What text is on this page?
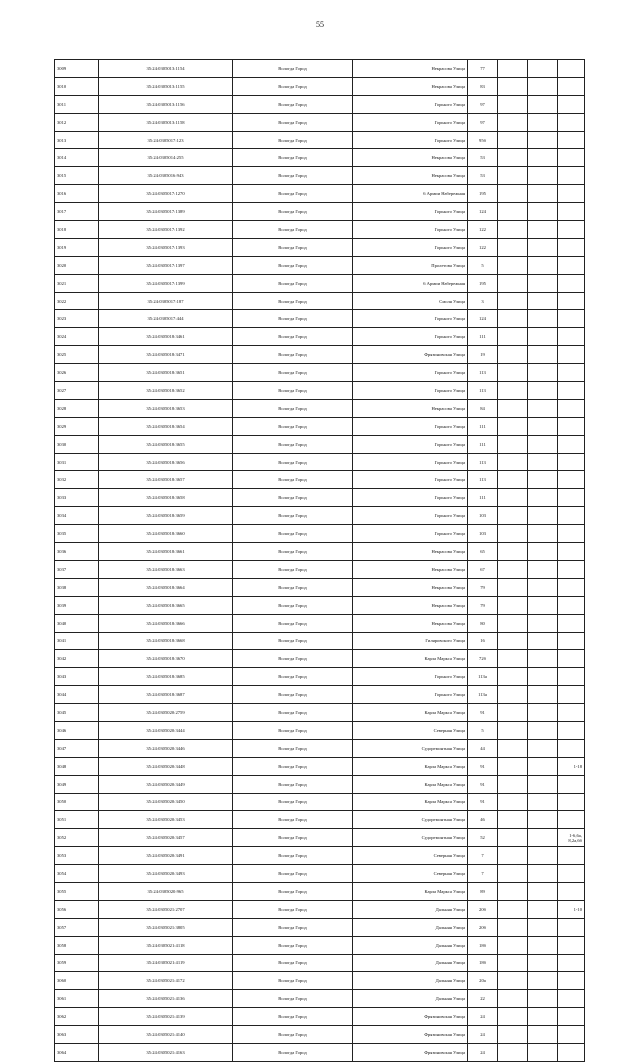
55
3009	35:24:0305013:1154	Вологда Город	Некрасова Улица	77			
3010	35:24:0305013:1155	Вологда Город	Некрасова Улица	83			
3011	35:24:0305013:1156	Вологда Город	Горького Улица	97			
3012	35:24:0305013:1158	Вологда Город	Горького Улица	97			
3013	35:24:0305017:123	Вологда Город	Горького Улица	95б			
3014	35:24:0305014:255	Вологда Город	Некрасова Улица	53			
3015	35:24:0305016:943	Вологда Город	Некрасова Улица	53			
3016	35:24:0305017:1270	Вологда Город	6 Армии Набережная	195			
3017	35:24:0305017:1389	Вологда Город	Горького Улица	124			
3018	35:24:0305017:1392	Вологда Город	Горького Улица	122			
3019	35:24:0305017:1393	Вологда Город	Горького Улица	122			
3020	35:24:0305017:1397	Вологда Город	Пролетова Улица	5			
3021	35:24:0305017:1399	Вологда Город	6 Армии Набережная	195			
3022	35:24:0305017:187	Вологда Город	Смоля Улица	3			
3023	35:24:0305017:444	Вологда Город	Горького Улица	124			
3024	35:24:0305018:3461	Вологда Город	Горького Улица	111			
3025	35:24:0305018:3471	Вологда Город	Фрязиновская Улица	19			
3026	35:24:0305018:3651	Вологда Город	Горького Улица	113			
3027	35:24:0305018:3652	Вологда Город	Горького Улица	113			
3028	35:24:0305018:3653	Вологда Город	Некрасова Улица	84			
3029	35:24:0305018:3654	Вологда Город	Горького Улица	111			
3030	35:24:0305018:3655	Вологда Город	Горького Улица	111			
3031	35:24:0305018:3656	Вологда Город	Горького Улица	113			
3032	35:24:0305018:3657	Вологда Город	Горького Улица	113			
3033	35:24:0305018:3658	Вологда Город	Горького Улица	111			
3034	35:24:0305018:3659	Вологда Город	Горького Улица	103			
3035	35:24:0305018:3660	Вологда Город	Горького Улица	103			
3036	35:24:0305018:3661	Вологда Город	Некрасова Улица	65			
3037	35:24:0305018:3663	Вологда Город	Некрасова Улица	67			
3038	35:24:0305018:3664	Вологда Город	Некрасова Улица	79			
3039	35:24:0305018:3665	Вологда Город	Некрасова Улица	79			
3040	35:24:0305018:3666	Вологда Город	Некрасова Улица	80			
3041	35:24:0305018:3668	Вологда Город	Гиляровского Улица	16			
3042	35:24:0305018:3670	Вологда Город	Карла Маркса Улица	72б			
3043	35:24:0305018:3685	Вологда Город	Горького Улица	113а			
3044	35:24:0305018:3687	Вологда Город	Горького Улица	113а			
3045	35:24:0305020:2759	Вологда Город	Карла Маркса Улица	91			
3046	35:24:0305020:3444	Вологда Город	Северная Улица	5			
3047	35:24:0305020:3446	Вологда Город	Судоремонтная Улица	44			
3048	35:24:0305020:3448	Вологда Город	Карла Маркса Улица	91			1-18
3049	35:24:0305020:3449	Вологда Город	Карла Маркса Улица	91			
3050	35:24:0305020:3450	Вологда Город	Карла Маркса Улица	91			
3051	35:24:0305020:3453	Вологда Город	Судоремонтная Улица	46			
3052	35:24:0305020:3457	Вологда Город	Судоремонтная Улица	52			1-6,6а,
8,2а,6б
3053	35:24:0305020:3491	Вологда Город	Северная Улица	7			
3054	35:24:0305020:3493	Вологда Город	Северная Улица	7			
3055	35:24:0305020:965	Вологда Город	Карла Маркса Улица	89			
3056	35:24:0305021:2707	Вологда Город	Дальняя Улица	20б			1-10
3057	35:24:0305021:3805	Вологда Город	Дальняя Улица	20б			
3058	35:24:0305021:4118	Вологда Город	Дальняя Улица	18б			
3059	35:24:0305021:4119	Вологда Город	Дальняя Улица	18б			
3060	35:24:0305021:4172	Вологда Город	Дальняя Улица	20а			
3061	35:24:0305021:4136	Вологда Город	Дальняя Улица	22			
3062	35:24:0305021:4139	Вологда Город	Фрязиновская Улица	24			
3063	35:24:0305021:4140	Вологда Город	Фрязиновская Улица	24			
3064	35:24:0305021:4163	Вологда Город	Фрязиновская Улица	24			
